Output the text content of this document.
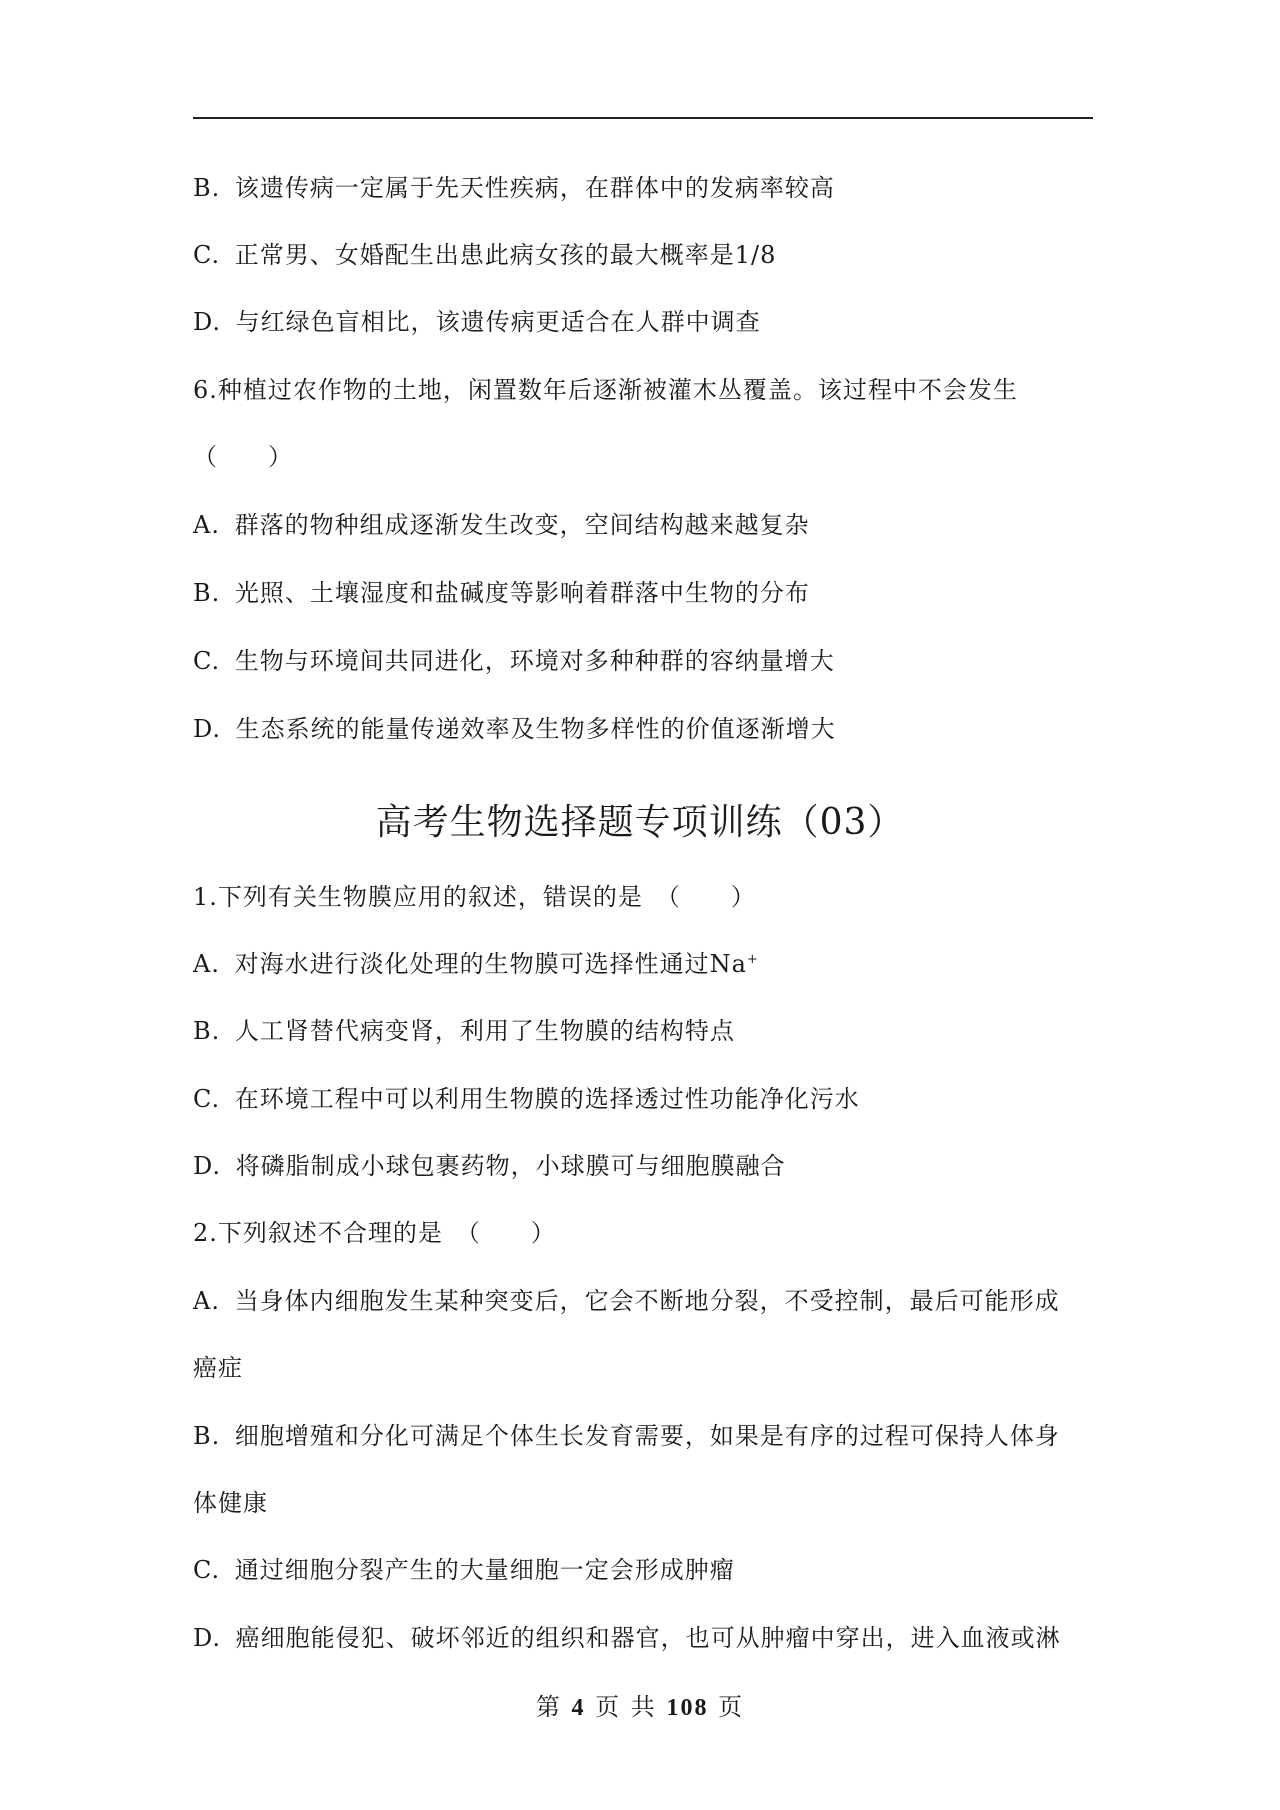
B. 该遗传病一定属于先天性疾病，在群体中的发病率较高
C. 正常男、女婚配生出患此病女孩的最大概率是1/8
D. 与红绿色盲相比，该遗传病更适合在人群中调查
6.种植过农作物的土地，闲置数年后逐渐被灌木丛覆盖。该过程中不会发生
（　　）
A. 群落的物种组成逐渐发生改变，空间结构越来越复杂
B. 光照、土壤湿度和盐碱度等影响着群落中生物的分布
C. 生物与环境间共同进化，环境对多种种群的容纳量增大
D. 生态系统的能量传递效率及生物多样性的价值逐渐增大
高考生物选择题专项训练（03）
1.下列有关生物膜应用的叙述，错误的是　（　　）
A. 对海水进行淡化处理的生物膜可选择性通过Na+
B. 人工肾替代病变肾，利用了生物膜的结构特点
C. 在环境工程中可以利用生物膜的选择透过性功能净化污水
D. 将磷脂制成小球包裹药物，小球膜可与细胞膜融合
2.下列叙述不合理的是　（　　）
A. 当身体内细胞发生某种突变后，它会不断地分裂，不受控制，最后可能形成
癌症
B. 细胞增殖和分化可满足个体生长发育需要，如果是有序的过程可保持人体身
体健康
C. 通过细胞分裂产生的大量细胞一定会形成肿瘤
D. 癌细胞能侵犯、破坏邻近的组织和器官，也可从肿瘤中穿出，进入血液或淋
第 4 页 共 108 页
